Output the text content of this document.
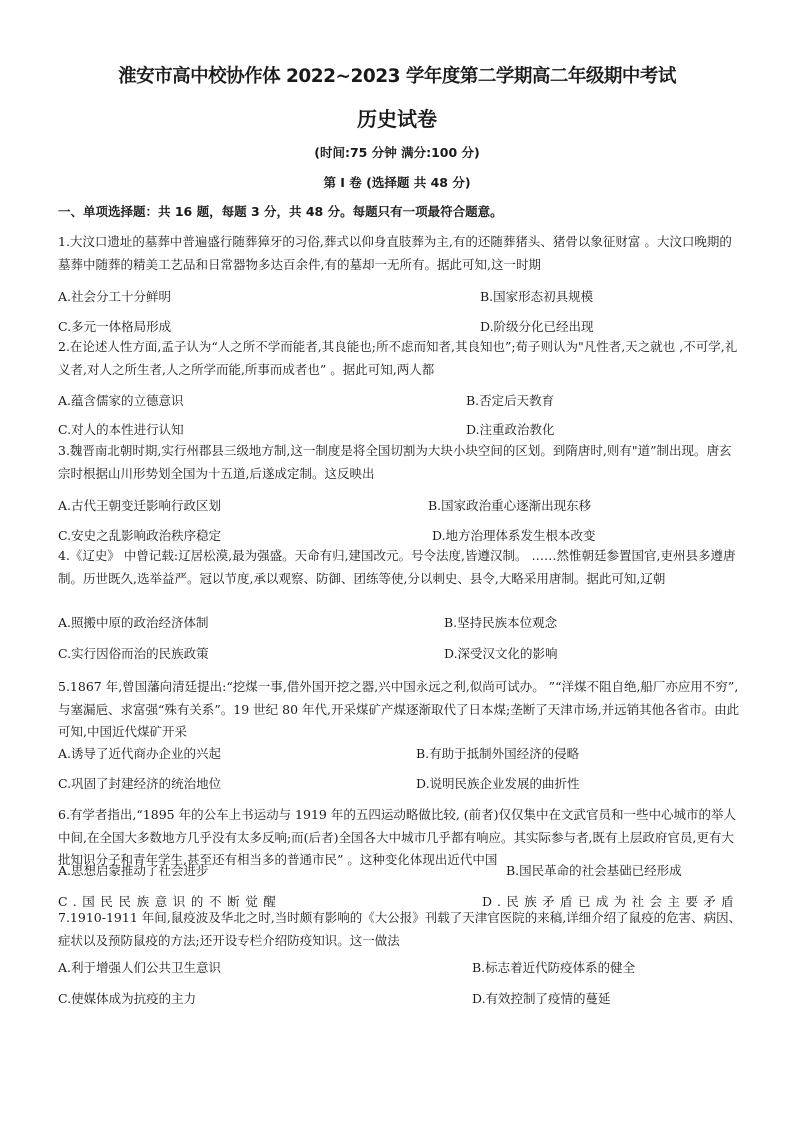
淮安市高中校协作体 2022~2023 学年度第二学期高二年级期中考试
历史试卷
(时间:75 分钟 满分:100 分)
第 I 卷 (选择题 共 48 分)
一、单项选择题：共 16 题，每题 3 分，共 48 分。每题只有一项最符合题意。
1.大汶口遗址的墓葬中普遍盛行随葬獐牙的习俗,葬式以仰身直肢葬为主,有的还随葬猪头、猪骨以象征财富 。大汶口晚期的墓葬中随葬的精美工艺品和日常器物多达百余件,有的墓却一无所有。据此可知,这一时期
A.社会分工十分鲜明	B.国家形态初具规模
C.多元一体格局形成	D.阶级分化已经出现
2.在论述人性方面,孟子认为“人之所不学而能者,其良能也;所不虑而知者,其良知也”;荀子则认为"凡性者,天之就也 ,不可学,礼义者,对人之所生者,人之所学而能,所事而成者也” 。据此可知,两人都
A.蕴含儒家的立德意识	B.否定后天教育
C.对人的本性进行认知	D.注重政治教化
3.魏晋南北朝时期,实行州郡县三级地方制,这一制度是将全国切割为大块小块空间的区划。到隋唐时,则有"道”制出现。唐玄宗时根据山川形势划全国为十五道,后遂成定制。这反映出
A.古代王朝变迁影响行政区划	B.国家政治重心逐渐出现东移
C.安史之乱影响政治秩序稳定	D.地方治理体系发生根本改变
4.《辽史》 中曾记载:辽居松漠,最为强盛。天命有归,建国改元。号令法度,皆遵汉制。 ……然惟朝廷参置国官,吏州县多遵唐制。历世既久,选举益严。冠以节度,承以观察、防御、团练等使,分以刺史、县令,大略采用唐制。据此可知,辽朝
A.照搬中原的政治经济体制	B.坚持民族本位观念
C.实行因俗而治的民族政策	D.深受汉文化的影响
5.1867 年,曾国藩向清廷提出:“挖煤一事,借外国开挖之器,兴中国永远之利,似尚可试办。 ”“洋煤不阻自绝,船厂亦应用不穷”,与塞漏巵、求富强“殊有关系”。19 世纪 80 年代,开采煤矿产煤逐渐取代了日本煤;垄断了天津市场,并远销其他各省市。由此可知,中国近代煤矿开采
A.诱导了近代商办企业的兴起	B.有助于抵制外国经济的侵略
C.巩固了封建经济的统治地位	D.说明民族企业发展的曲折性
6.有学者指出,“1895 年的公车上书运动与 1919 年的五四运动略做比较, (前者)仅仅集中在文武官员和一些中心城市的举人中间,在全国大多数地方几乎没有太多反响;而(后者)全国各大中城市几乎都有响应。其实际参与者,既有上层政府官员,更有大批知识分子和青年学生,甚至还有相当多的普通市民” 。这种变化体现出近代中国
A.思想启蒙推动了社会进步	B.国民革命的社会基础已经形成
C.国民民族意识的不断觉醒	D.民族矛盾已成为社会主要矛盾
7.1910-1911 年间,鼠疫波及华北之时,当时颇有影响的《大公报》刊载了天津官医院的来稿,详细介绍了鼠疫的危害、病因、症状以及预防鼠疫的方法;还开设专栏介绍防疫知识。这一做法
A.利于增强人们公共卫生意识	B.标志着近代防疫体系的健全
C.使媒体成为抗疫的主力	D.有效控制了疫情的蔓延
